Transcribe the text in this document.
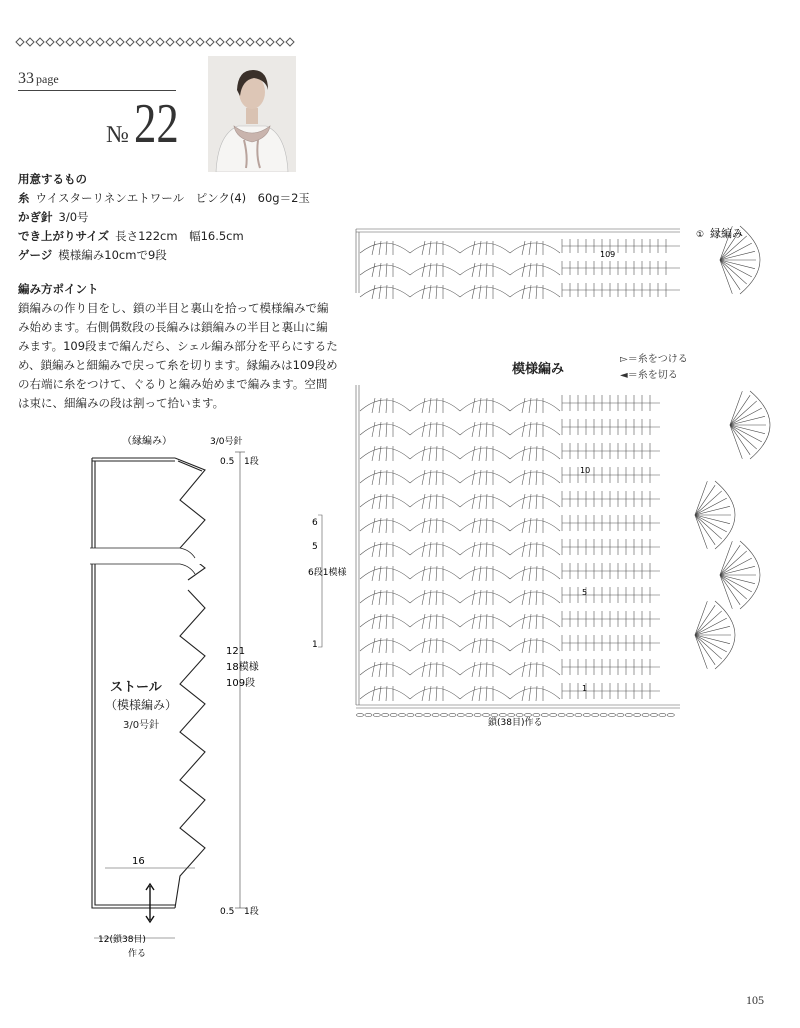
33 page
№22
用意するもの
糸 ウイスターリネンエトワール　ピンク(4)　60g＝2玉
かぎ針 3/0号
でき上がりサイズ 長さ122cm　幅16.5cm
ゲージ 模様編み10cmで9段
編み方ポイント
鎖編みの作り目をし、鎖の半目と裏山を拾って模様編みで編み始めます。右側偶数段の長編みは鎖編みの半目と裏山に編みます。109段まで編んだら、シェル編み部分を平らにするため、鎖編みと細編みで戻って糸を切ります。縁編みは109段めの右端に糸をつけて、ぐるりと編み始めまで編みます。空間は束に、細編みの段は割って拾います。
（縁編み）	3/0号針
0.5 1段
121
18模様
109段
16
0.5 1段
12(鎖38目)
作る
ストール
（模様編み）
3/0号針
6
5
1
6段1模様
① 縁編み
109
10
5
1
鎖(38目)作る
模様編み
▻＝糸をつける
◄＝糸を切る
105
